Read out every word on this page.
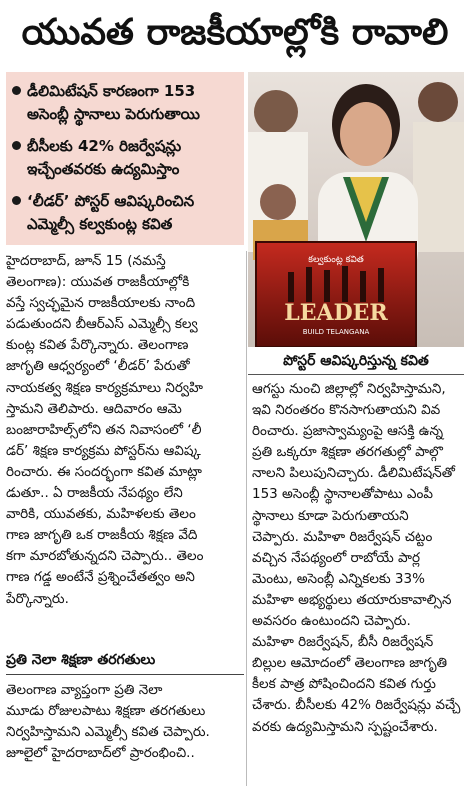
యువత రాజకీయాల్లోకి రావాలి
డీలిమిటేషన్ కారణంగా 153
అసెంబ్లీ స్థానాలు పెరుగుతాయి
బీసీలకు 42% రిజర్వేషన్లు
ఇచ్చేంతవరకు ఉద్యమిస్తాం
‘లీడర్’ పోస్టర్ ఆవిష్కరించిన
ఎమ్మెల్సీ కల్వకుంట్ల కవిత
కల్వకుంట్ల కవిత
LEADER
BUILD TELANGANA
పోస్టర్ ఆవిష్కరిస్తున్న కవిత
హైదరాబాద్, జూన్ 15 (నమస్తే
తెలంగాణ): యువత రాజకీయాల్లోకి
వస్తే స్వచ్ఛమైన రాజకీయాలకు నాంది
పడుతుందని బీఆర్‌ఎస్ ఎమ్మెల్సీ కల్వ
కుంట్ల కవిత పేర్కొన్నారు. తెలంగాణ
జాగృతి ఆధ్వర్యంలో ‘లీడర్’ పేరుతో
నాయకత్వ శిక్షణ కార్యక్రమాలు నిర్వహి
స్తామని తెలిపారు. ఆదివారం ఆమె
బంజారాహిల్స్‌లోని తన నివాసంలో ‘లీ
డర్’ శిక్షణ కార్యక్రమ పోస్టర్‌ను ఆవిష్క
రించారు. ఈ సందర్భంగా కవిత మాట్లా
డుతూ.. ఏ రాజకీయ నేపథ్యం లేని
వారికి, యువతకు, మహిళలకు తెలం
గాణ జాగృతి ఒక రాజకీయ శిక్షణ వేది
కగా మారబోతున్నదని చెప్పారు.. తెలం
గాణ గడ్డ అంటేనే ప్రశ్నించేతత్వం అని
పేర్కొన్నారు.
ప్రతి నెలా శిక్షణా తరగతులు
తెలంగాణ వ్యాప్తంగా ప్రతి నెలా
మూడు రోజులపాటు శిక్షణా తరగతులు
నిర్వహిస్తామని ఎమ్మెల్సీ కవిత చెప్పారు.
జూలైలో హైదరాబాద్‌లో ప్రారంభించి..
ఆగస్టు నుంచి జిల్లాల్లో నిర్వహిస్తామని,
ఇవి నిరంతరం కొనసాగుతాయని వివ
రించారు. ప్రజాస్వామ్యంపై ఆసక్తి ఉన్న
ప్రతి ఒక్కరూ శిక్షణా తరగతుల్లో పాల్గొ
నాలని పిలుపునిచ్చారు. డీలిమిటేషన్‌తో
153 అసెంబ్లీ స్థానాలతోపాటు ఎంపీ
స్థానాలు కూడా పెరుగుతాయని
చెప్పారు. మహిళా రిజర్వేషన్ చట్టం
వచ్చిన నేపథ్యంలో రాబోయే పార్ల
మెంటు, అసెంబ్లీ ఎన్నికలకు 33%
మహిళా అభ్యర్థులు తయారుకావాల్సిన
అవసరం ఉంటుందని చెప్పారు.
మహిళా రిజర్వేషన్, బీసీ రిజర్వేషన్
బిల్లుల ఆమోదంలో తెలంగాణ జాగృతి
కీలక పాత్ర పోషించిందని కవిత గుర్తు
చేశారు. బీసీలకు 42% రిజర్వేషన్లు వచ్చే
వరకు ఉద్యమిస్తామని స్పష్టంచేశారు.
